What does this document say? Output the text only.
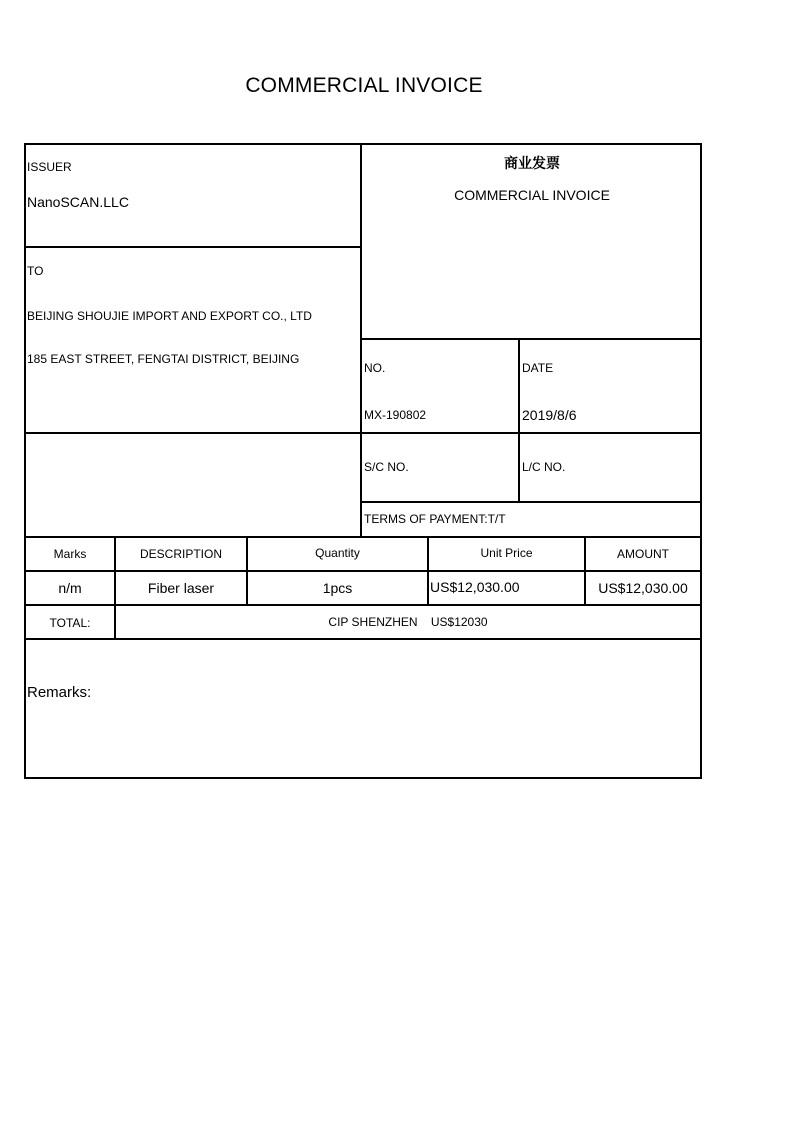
COMMERCIAL INVOICE
ISSUER
NanoSCAN.LLC
TO
BEIJING SHOUJIE IMPORT AND EXPORT CO., LTD
185 EAST STREET, FENGTAI DISTRICT, BEIJING
商业发票
COMMERCIAL INVOICE
NO.
MX-190802
DATE
2019/8/6
S/C NO.	L/C NO.
TERMS OF PAYMENT:T/T
Marks	DESCRIPTION	Quantity	Unit Price	AMOUNT
n/m	Fiber laser	1pcs	US$12,030.00	US$12,030.00
TOTAL:	CIP SHENZHEN    US$12030
Remarks:
